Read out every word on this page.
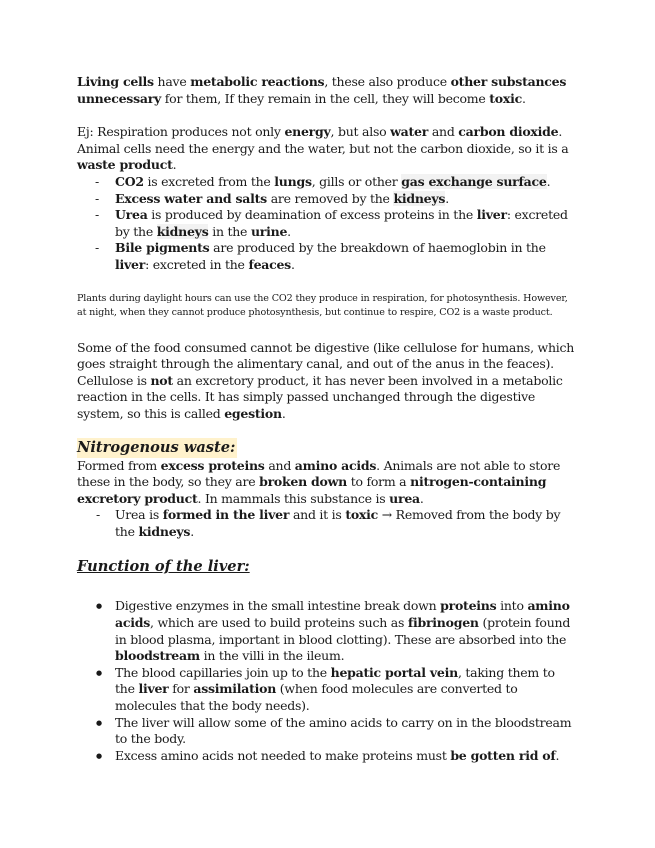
Living cells have metabolic reactions, these also produce other substances unnecessary for them, If they remain in the cell, they will become toxic.

Ej: Respiration produces not only energy, but also water and carbon dioxide.
Animal cells need the energy and the water, but not the carbon dioxide, so it is a waste product.

- CO2 is excreted from the lungs, gills or other gas exchange surface.
- Excess water and salts are removed by the kidneys.
- Urea is produced by deamination of excess proteins in the liver: excreted by the kidneys in the urine.
- Bile pigments are produced by the breakdown of haemoglobin in the liver: excreted in the feaces.

Plants during daylight hours can use the CO2 they produce in respiration, for photosynthesis. However, at night, when they cannot produce photosynthesis, but continue to respire, CO2 is a waste product.

Some of the food consumed cannot be digestive (like cellulose for humans, which goes straight through the alimentary canal, and out of the anus in the feaces).
Cellulose is not an excretory product, it has never been involved in a metabolic reaction in the cells. It has simply passed unchanged through the digestive system, so this is called egestion.

Nitrogenous waste:

Formed from excess proteins and amino acids. Animals are not able to store these in the body, so they are broken down to form a nitrogen-containing excretory product. In mammals this substance is urea.

- Urea is formed in the liver and it is toxic → Removed from the body by the kidneys.
Function of the liver:
● Digestive enzymes in the small intestine break down proteins into amino acids, which are used to build proteins such as fibrinogen (protein found in blood plasma, important in blood clotting). These are absorbed into the bloodstream in the villi in the ileum.
● The blood capillaries join up to the hepatic portal vein, taking them to the liver for assimilation (when food molecules are converted to molecules that the body needs).
● The liver will allow some of the amino acids to carry on in the bloodstream to the body.
● Excess amino acids not needed to make proteins must be gotten rid of.
